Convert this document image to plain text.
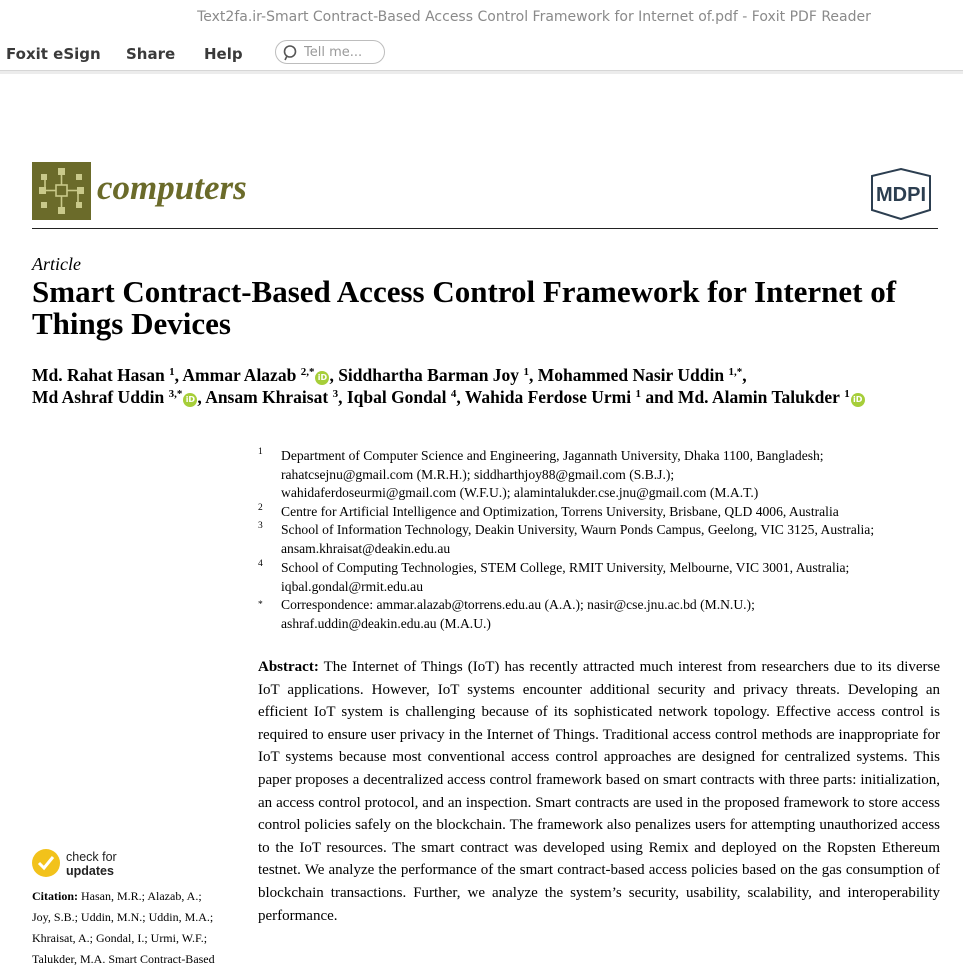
Text2fa.ir-Smart Contract-Based Access Control Framework for Internet of.pdf - Foxit PDF Reader
Foxit eSign Share Help
Tell me...
computers	MDPI
Article
Smart Contract-Based Access Control Framework for Internet of Things Devices
Md. Rahat Hasan $^1$, Ammar Alazab $^{2,*}$ iD , Siddhartha Barman Joy $^1$, Mohammed Nasir Uddin $^{1,*}$,
Md Ashraf Uddin $^{3,*}$ iD , Ansam Khraisat $^3$, Iqbal Gondal $^4$, Wahida Ferdose Urmi $^1$ and Md. Alamin Talukder $^1$ iD
1 Department of Computer Science and Engineering, Jagannath University, Dhaka 1100, Bangladesh;
rahatcsejnu@gmail.com (M.R.H.); siddharthjoy88@gmail.com (S.B.J.);
wahidaferdoseurmi@gmail.com (W.F.U.); alamintalukder.cse.jnu@gmail.com (M.A.T.)
2 Centre for Artificial Intelligence and Optimization, Torrens University, Brisbane, QLD 4006, Australia
3 School of Information Technology, Deakin University, Waurn Ponds Campus, Geelong, VIC 3125, Australia;
ansam.khraisat@deakin.edu.au
4 School of Computing Technologies, STEM College, RMIT University, Melbourne, VIC 3001, Australia;
iqbal.gondal@rmit.edu.au
* Correspondence: ammar.alazab@torrens.edu.au (A.A.); nasir@cse.jnu.ac.bd (M.N.U.);
ashraf.uddin@deakin.edu.au (M.A.U.)
Abstract: The Internet of Things (IoT) has recently attracted much interest from researchers due to its diverse IoT applications. However, IoT systems encounter additional security and privacy threats. Developing an efficient IoT system is challenging because of its sophisticated network topology. Effective access control is required to ensure user privacy in the Internet of Things. Traditional access control methods are inappropriate for IoT systems because most conventional access control approaches are designed for centralized systems. This paper proposes a decentralized access control framework based on smart contracts with three parts: initialization, an access control protocol, and an inspection. Smart contracts are used in the proposed framework to store access control policies safely on the blockchain. The framework also penalizes users for attempting unauthorized access to the IoT resources. The smart contract was developed using Remix and deployed on the Ropsten Ethereum testnet. We analyze the performance of the smart contract-based access policies based on the gas consumption of blockchain transactions. Further, we analyze the system’s security, usability, scalability, and interoperability performance.
check for
updates
Citation: Hasan, M.R.; Alazab, A.;
Joy, S.B.; Uddin, M.N.; Uddin, M.A.;
Khraisat, A.; Gondal, I.; Urmi, W.F.;
Talukder, M.A. Smart Contract-Based
